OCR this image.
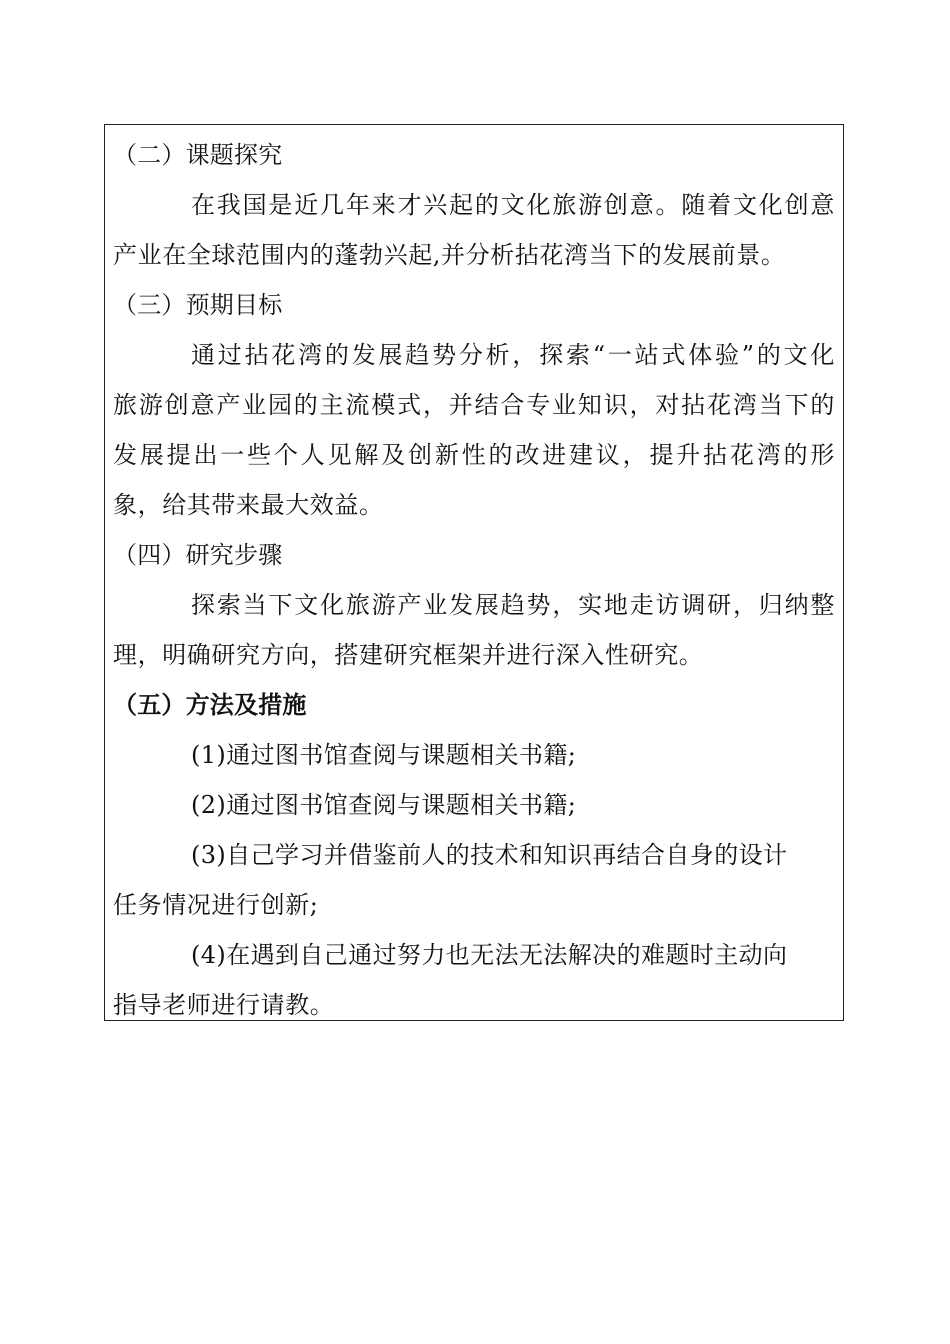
（二）课题探究
在我国是近几年来才兴起的文化旅游创意。随着文化创意
产业在全球范围内的蓬勃兴起,并分析拈花湾当下的发展前景。
（三）预期目标
通过拈花湾的发展趋势分析，探索“一站式体验”的文化
旅游创意产业园的主流模式，并结合专业知识，对拈花湾当下的
发展提出一些个人见解及创新性的改进建议，提升拈花湾的形
象，给其带来最大效益。
（四）研究步骤
探索当下文化旅游产业发展趋势，实地走访调研，归纳整
理，明确研究方向，搭建研究框架并进行深入性研究。
（五）方法及措施
(1)通过图书馆查阅与课题相关书籍;
(2)通过图书馆查阅与课题相关书籍;
(3)自己学习并借鉴前人的技术和知识再结合自身的设计
任务情况进行创新;
(4)在遇到自己通过努力也无法无法解决的难题时主动向
指导老师进行请教。
